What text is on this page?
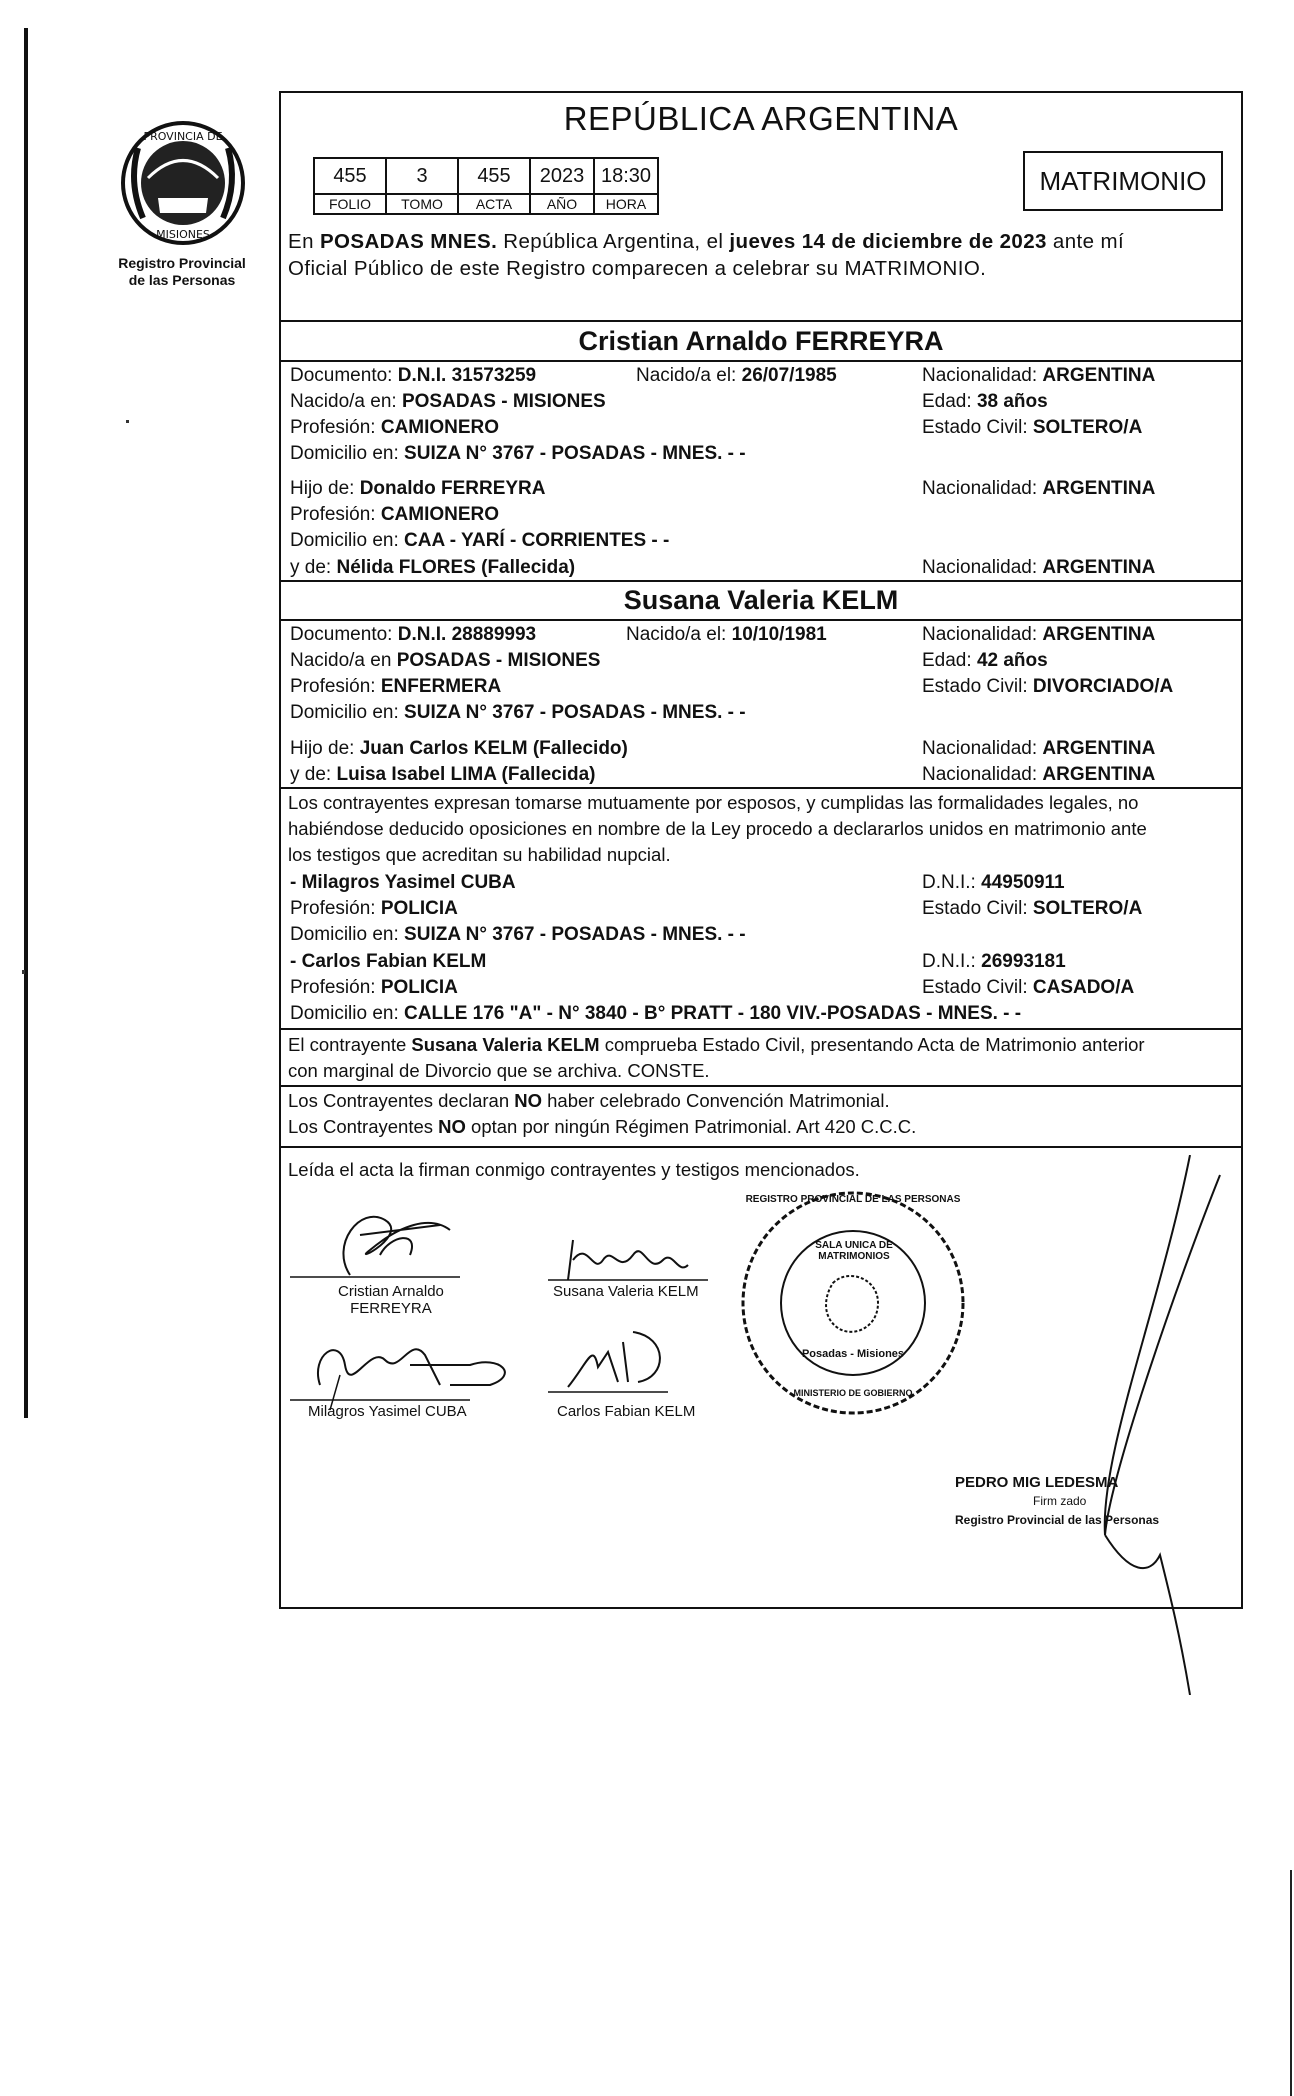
PROVINCIA DE
MISIONES
Registro Provincial
de las Personas
REPÚBLICA ARGENTINA
455	3	455	2023	18:30
FOLIO	TOMO	ACTA	AÑO	HORA
MATRIMONIO
En POSADAS MNES. República Argentina, el jueves 14 de diciembre de 2023 ante mí
Oficial Público de este Registro comparecen a celebrar su MATRIMONIO.
Cristian Arnaldo FERREYRA
Documento: D.N.I. 31573259	Nacido/a el: 26/07/1985	Nacionalidad: ARGENTINA
Nacido/a en: POSADAS - MISIONES	Edad: 38 años
Profesión: CAMIONERO	Estado Civil: SOLTERO/A
Domicilio en: SUIZA N° 3767 - POSADAS - MNES. - -
Hijo de: Donaldo FERREYRA	Nacionalidad: ARGENTINA
Profesión: CAMIONERO
Domicilio en: CAA - YARÍ - CORRIENTES - -
y de: Nélida FLORES (Fallecida)	Nacionalidad: ARGENTINA
Susana Valeria KELM
Documento: D.N.I. 28889993	Nacido/a el: 10/10/1981	Nacionalidad: ARGENTINA
Nacido/a en POSADAS - MISIONES	Edad: 42 años
Profesión: ENFERMERA	Estado Civil: DIVORCIADO/A
Domicilio en: SUIZA N° 3767 - POSADAS - MNES. - -
Hijo de: Juan Carlos KELM (Fallecido)	Nacionalidad: ARGENTINA
y de: Luisa Isabel LIMA (Fallecida)	Nacionalidad: ARGENTINA
Los contrayentes expresan tomarse mutuamente por esposos, y cumplidas las formalidades legales, no
habiéndose deducido oposiciones en nombre de la Ley procedo a declararlos unidos en matrimonio ante
los testigos que acreditan su habilidad nupcial.
- Milagros Yasimel CUBA	D.N.I.: 44950911
Profesión: POLICIA	Estado Civil: SOLTERO/A
Domicilio en: SUIZA N° 3767 - POSADAS - MNES. - -
- Carlos Fabian KELM	D.N.I.: 26993181
Profesión: POLICIA	Estado Civil: CASADO/A
Domicilio en: CALLE 176 "A" - N° 3840 - B° PRATT - 180 VIV.-POSADAS - MNES. - -
El contrayente Susana Valeria KELM comprueba Estado Civil, presentando Acta de Matrimonio anterior
con marginal de Divorcio que se archiva. CONSTE.
Los Contrayentes declaran NO haber celebrado Convención Matrimonial.
Los Contrayentes NO optan por ningún Régimen Patrimonial. Art 420 C.C.C.
Leída el acta la firman conmigo contrayentes y testigos mencionados.
Cristian Arnaldo
FERREYRA
Susana Valeria KELM
Milagros Yasimel CUBA	Carlos Fabian KELM
SALA UNICA DE MATRIMONIOS
REGISTRO PROVINCIAL DE LAS PERSONAS
Posadas - Misiones
MINISTERIO DE GOBIERNO
PEDRO MIG LEDESMA
Firm zado
Registro Provincial de las Personas
